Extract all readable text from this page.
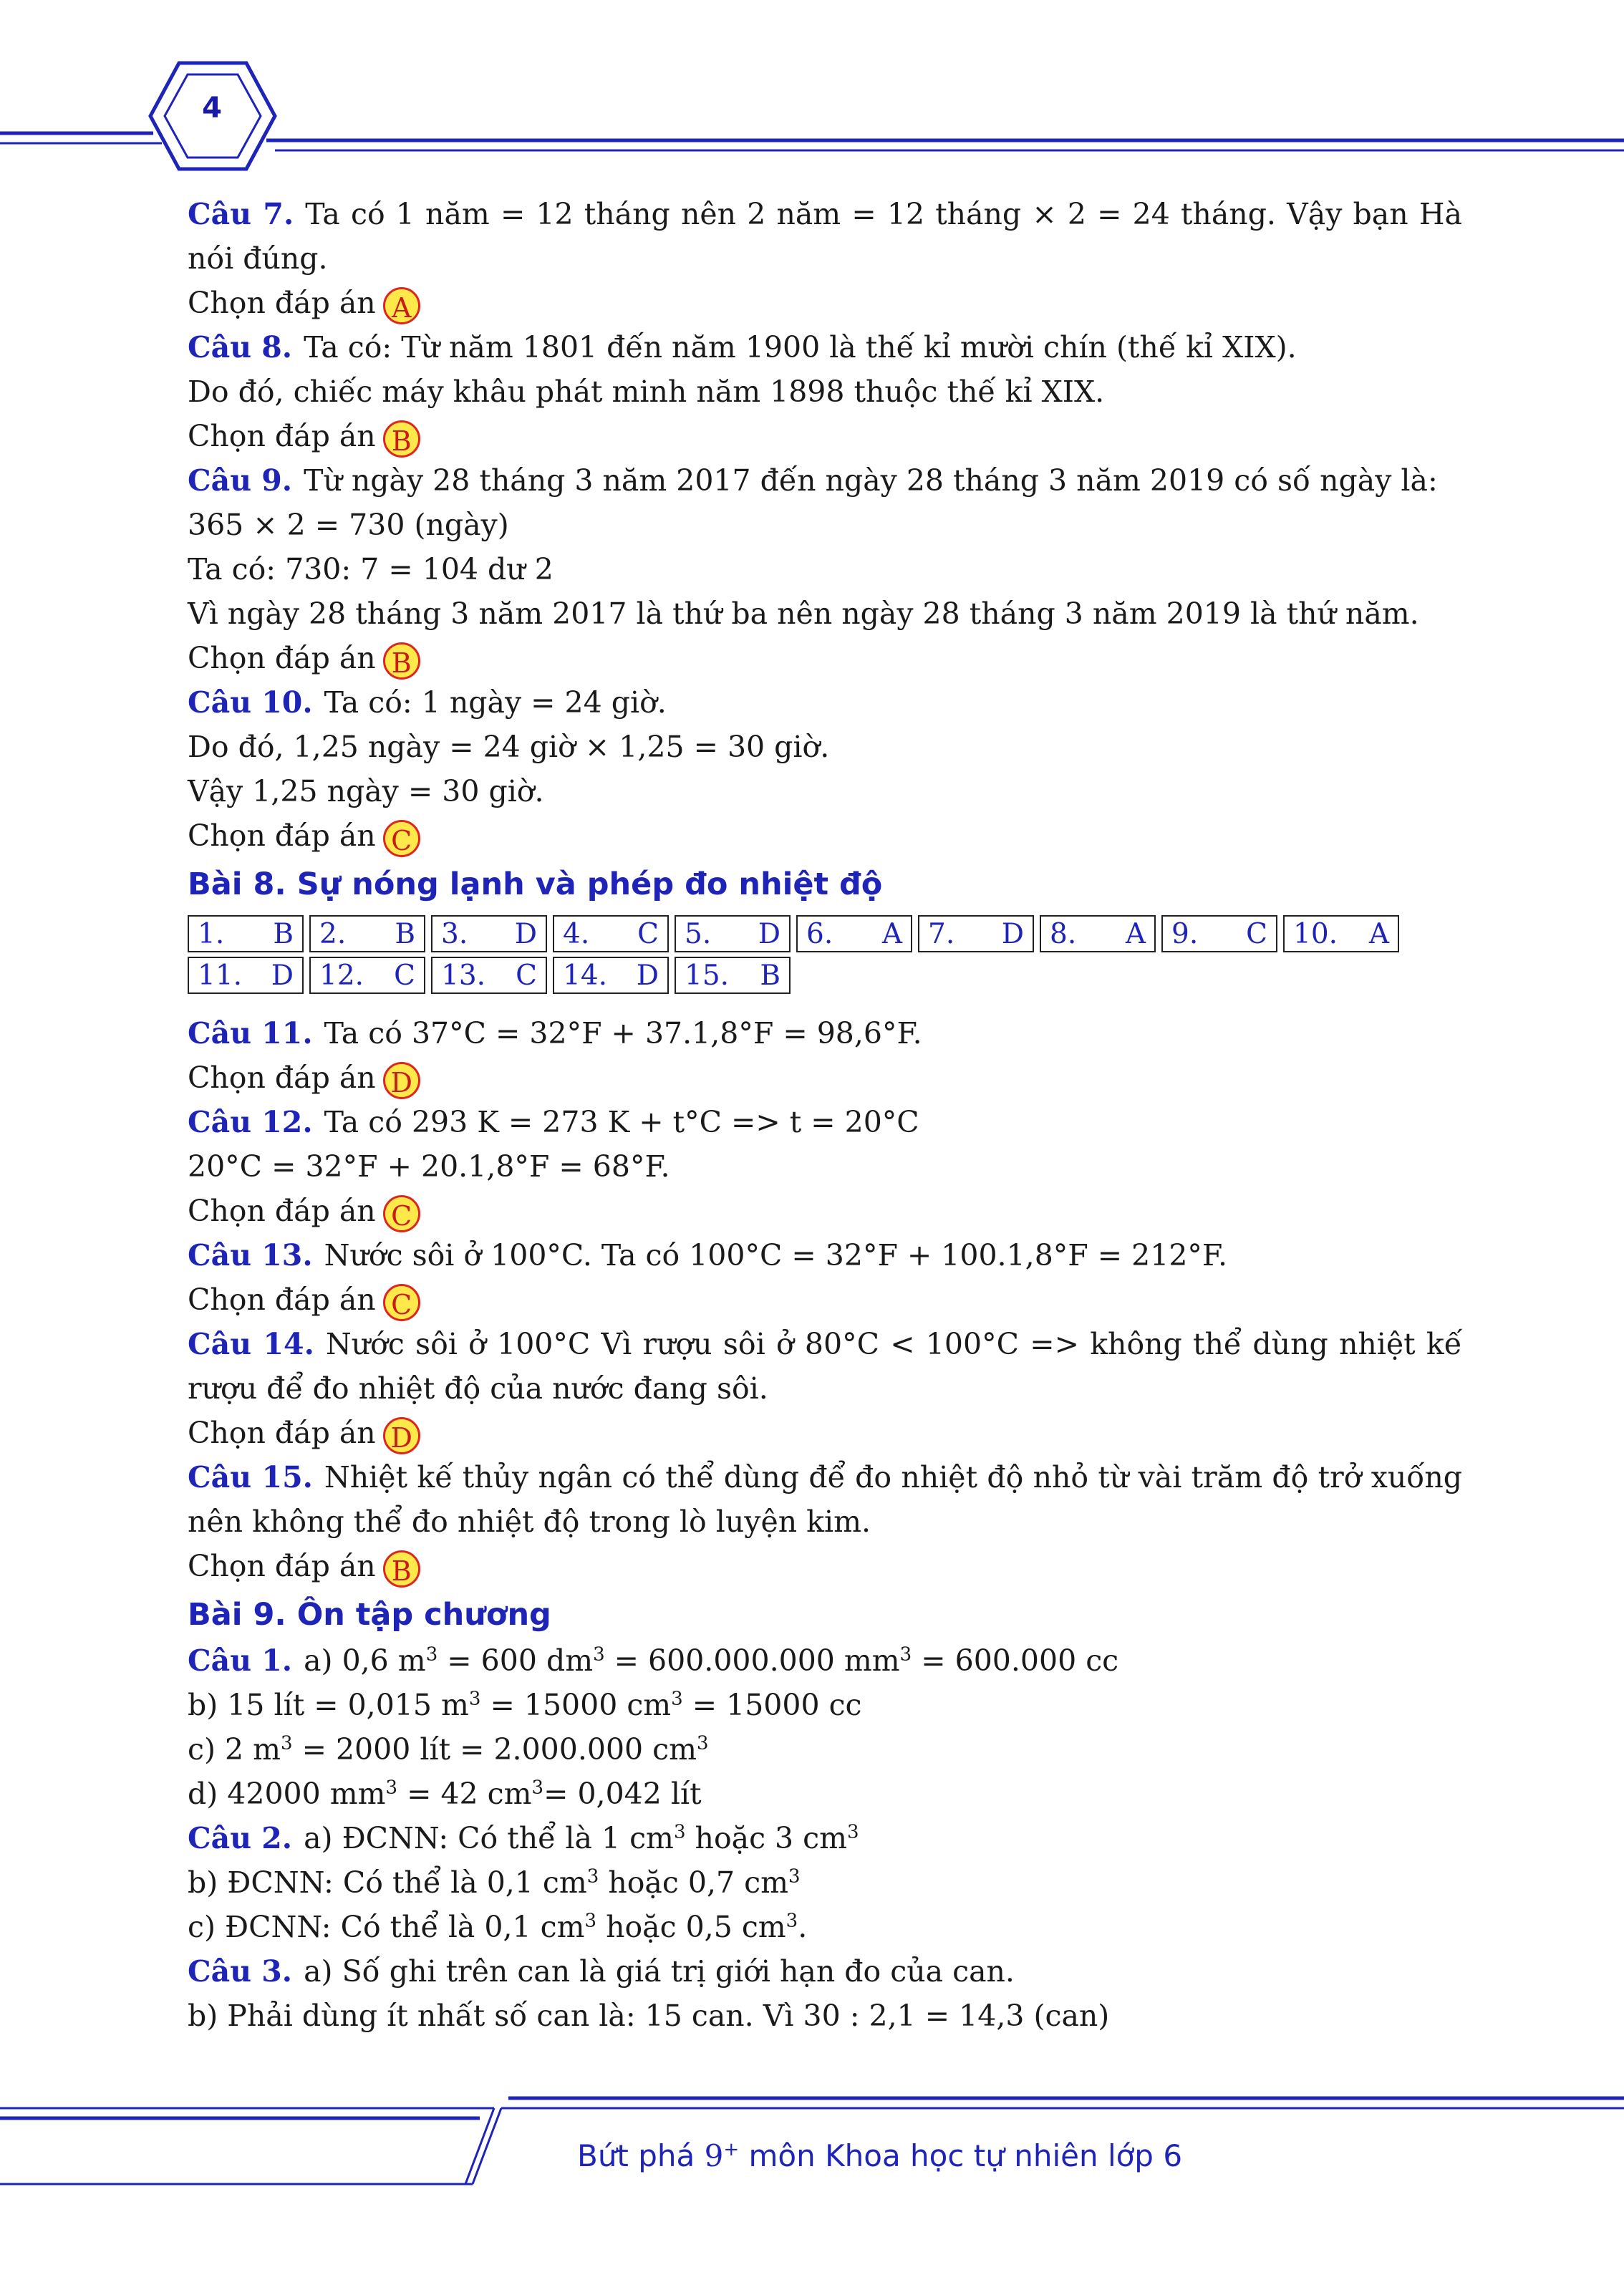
4
Câu 7. Ta có 1 năm = 12 tháng nên 2 năm = 12 tháng × 2 = 24 tháng. Vậy bạn Hà nói đúng.
Chọn đáp án A
Câu 8. Ta có: Từ năm 1801 đến năm 1900 là thế kỉ mười chín (thế kỉ XIX).
Do đó, chiếc máy khâu phát minh năm 1898 thuộc thế kỉ XIX.
Chọn đáp án B
Câu 9. Từ ngày 28 tháng 3 năm 2017 đến ngày 28 tháng 3 năm 2019 có số ngày là:
365 × 2 = 730 (ngày)
Ta có: 730: 7 = 104 dư 2
Vì ngày 28 tháng 3 năm 2017 là thứ ba nên ngày 28 tháng 3 năm 2019 là thứ năm.
Chọn đáp án B
Câu 10. Ta có: 1 ngày = 24 giờ.
Do đó, 1,25 ngày = 24 giờ × 1,25 = 30 giờ.
Vậy 1,25 ngày = 30 giờ.
Chọn đáp án C
Bài 8. Sự nóng lạnh và phép đo nhiệt độ
1. B 2. B 3. D 4. C 5. D 6. A 7. D 8. A 9. C 10. A
11. D 12. C 13. C 14. D 15. B
Câu 11. Ta có 37°C = 32°F + 37.1,8°F = 98,6°F.
Chọn đáp án D
Câu 12. Ta có 293 K = 273 K + t°C => t = 20°C
20°C = 32°F + 20.1,8°F = 68°F.
Chọn đáp án C
Câu 13. Nước sôi ở 100°C. Ta có 100°C = 32°F + 100.1,8°F = 212°F.
Chọn đáp án C
Câu 14. Nước sôi ở 100°C Vì rượu sôi ở 80°C < 100°C => không thể dùng nhiệt kế rượu để đo nhiệt độ của nước đang sôi.
Chọn đáp án D
Câu 15. Nhiệt kế thủy ngân có thể dùng để đo nhiệt độ nhỏ từ vài trăm độ trở xuống nên không thể đo nhiệt độ trong lò luyện kim.
Chọn đáp án B
Bài 9. Ôn tập chương
Câu 1. a) 0,6 $m^3 = 600$ $dm^3 = 600.000.000$ $mm^3 = 600.000$ cc
b) 15 lít = 0,015 $m^3 = 15000$ $cm^3 = 15000$ cc
c) 2 $m^3 = 2000$ lít = 2.000.000 $cm^3$
d) 42000 $mm^3 = 42$ $cm^3= 0,042$ lít
Câu 2. a) ĐCNN: Có thể là 1 $cm^3$ hoặc 3 $cm^3$
b) ĐCNN: Có thể là 0,1 $cm^3$ hoặc 0,7 $cm^3$
c) ĐCNN: Có thể là 0,1 $cm^3$ hoặc 0,5 $cm^3$.
Câu 3. a) Số ghi trên can là giá trị giới hạn đo của can.
b) Phải dùng ít nhất số can là: 15 can. Vì 30 : 2,1 = 14,3 (can)
Bứt phá 9+ môn Khoa học tự nhiên lớp 6
